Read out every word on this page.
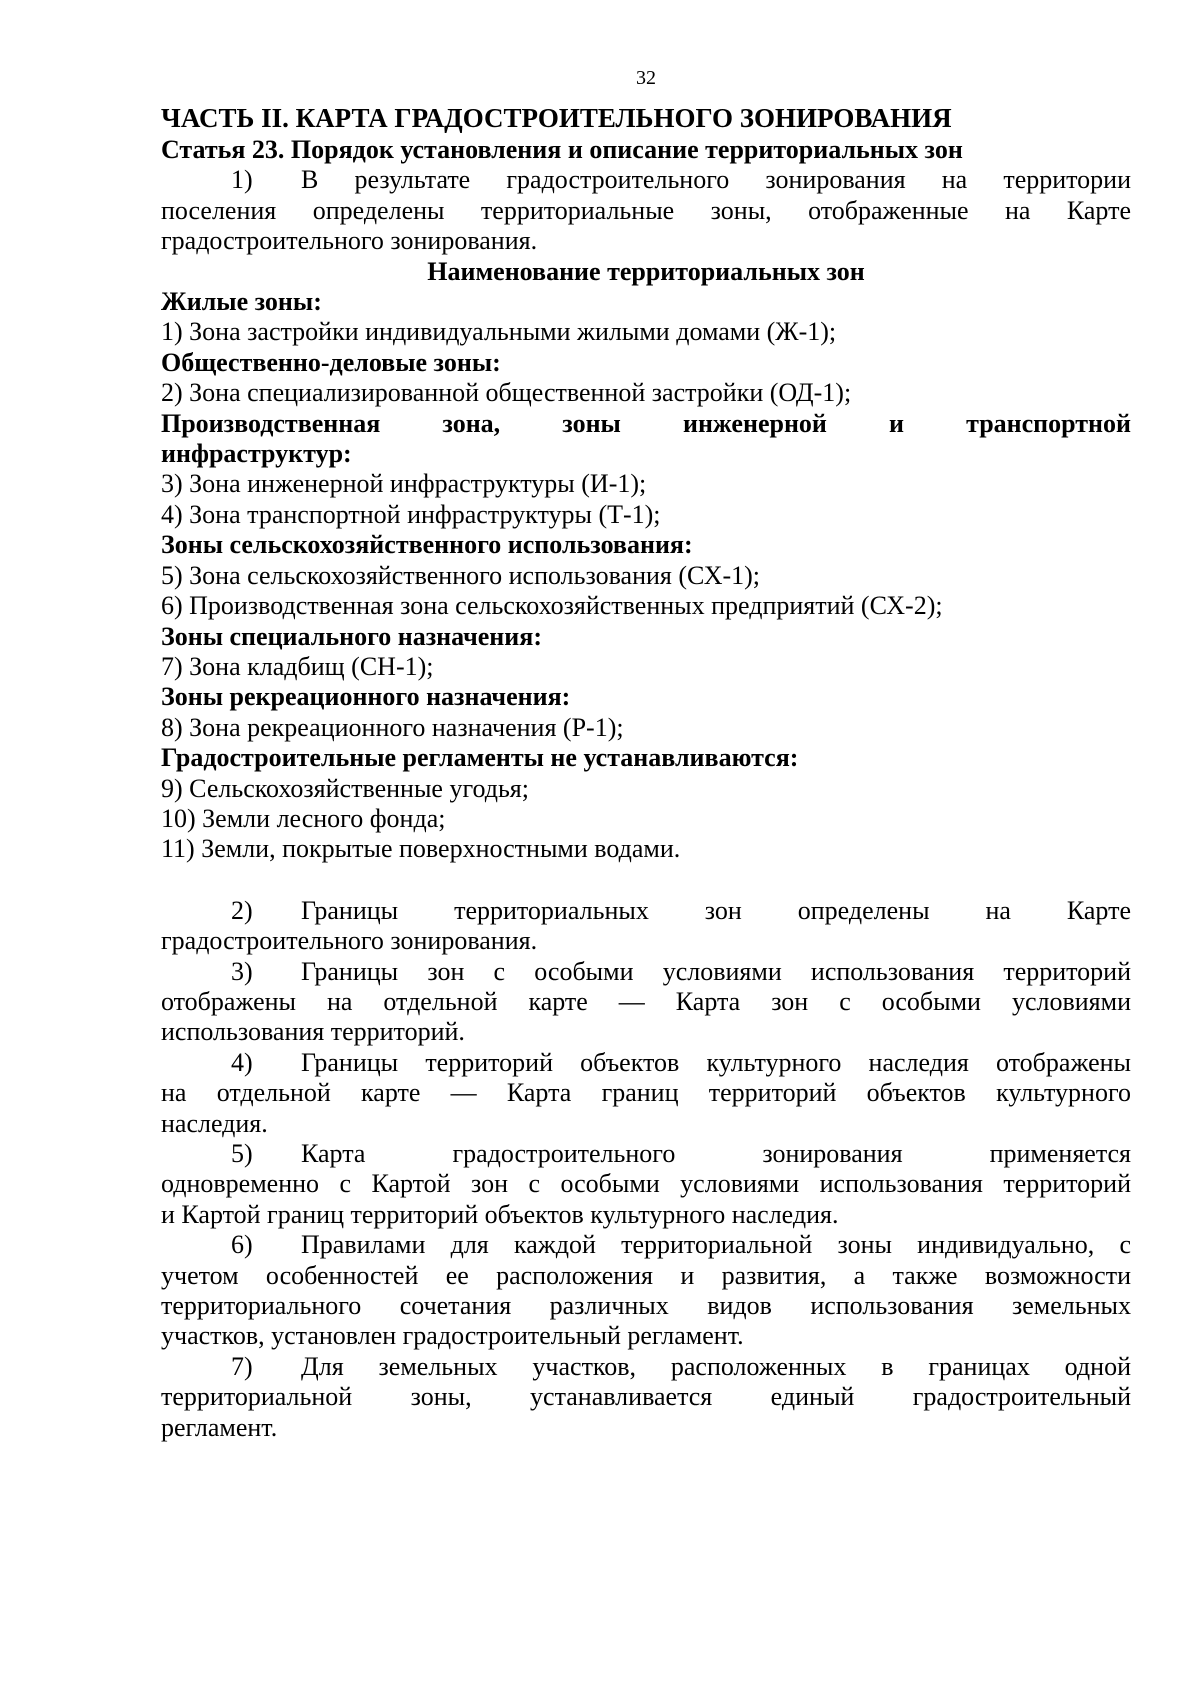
32
ЧАСТЬ II. КАРТА ГРАДОСТРОИТЕЛЬНОГО ЗОНИРОВАНИЯ
Статья 23. Порядок установления и описание территориальных зон
1) В результате градостроительного зонирования на территории
поселения определены территориальные зоны, отображенные на Карте
градостроительного зонирования.
Наименование территориальных зон
Жилые зоны:
1) Зона застройки индивидуальными жилыми домами (Ж-1);
Общественно-деловые зоны:
2) Зона специализированной общественной застройки (ОД-1);
Производственная зона, зоны инженерной и транспортной
инфраструктур:
3) Зона инженерной инфраструктуры (И-1);
4) Зона транспортной инфраструктуры (Т-1);
Зоны сельскохозяйственного использования:
5) Зона сельскохозяйственного использования (СХ-1);
6) Производственная зона сельскохозяйственных предприятий (СХ-2);
Зоны специального назначения:
7) Зона кладбищ (СН-1);
Зоны рекреационного назначения:
8) Зона рекреационного назначения (Р-1);
Градостроительные регламенты не устанавливаются:
9) Сельскохозяйственные угодья;
10) Земли лесного фонда;
11) Земли, покрытые поверхностными водами.
2) Границы территориальных зон определены на Карте
градостроительного зонирования.
3) Границы зон с особыми условиями использования территорий
отображены на отдельной карте — Карта зон с особыми условиями
использования территорий.
4) Границы территорий объектов культурного наследия отображены
на отдельной карте — Карта границ территорий объектов культурного
наследия.
5) Карта градостроительного зонирования применяется
одновременно с Картой зон с особыми условиями использования территорий
и Картой границ территорий объектов культурного наследия.
6) Правилами для каждой территориальной зоны индивидуально, с
учетом особенностей ее расположения и развития, а также возможности
территориального сочетания различных видов использования земельных
участков, установлен градостроительный регламент.
7) Для земельных участков, расположенных в границах одной
территориальной зоны, устанавливается единый градостроительный
регламент.
